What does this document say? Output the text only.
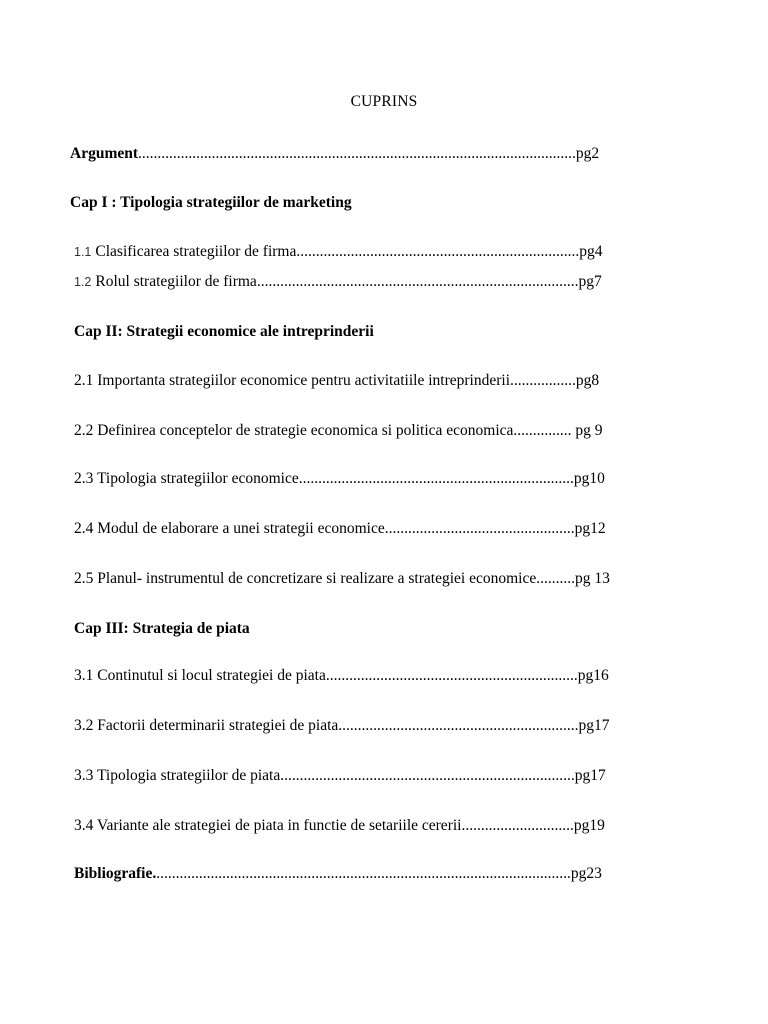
CUPRINS
Argument.................................................................................................................pg2
Cap I : Tipologia strategiilor de marketing
1.1 Clasificarea strategiilor de firma.........................................................................pg4
1.2 Rolul strategiilor de firma...................................................................................pg7
Cap II: Strategii economice ale intreprinderii
2.1 Importanta strategiilor economice pentru activitatiile intreprinderii.................pg8
2.2 Definirea conceptelor de strategie economica si politica economica............... pg 9
2.3 Tipologia strategiilor economice.......................................................................pg10
2.4 Modul de elaborare a unei strategii economice.................................................pg12
2.5 Planul- instrumentul de concretizare si realizare a strategiei economice..........pg 13
Cap III: Strategia de piata
3.1 Continutul si locul strategiei de piata.................................................................pg16
3.2 Factorii determinarii strategiei de piata..............................................................pg17
3.3 Tipologia strategiilor de piata............................................................................pg17
3.4 Variante ale strategiei de piata in functie de setariile cererii.............................pg19
Bibliografie............................................................................................................pg23
